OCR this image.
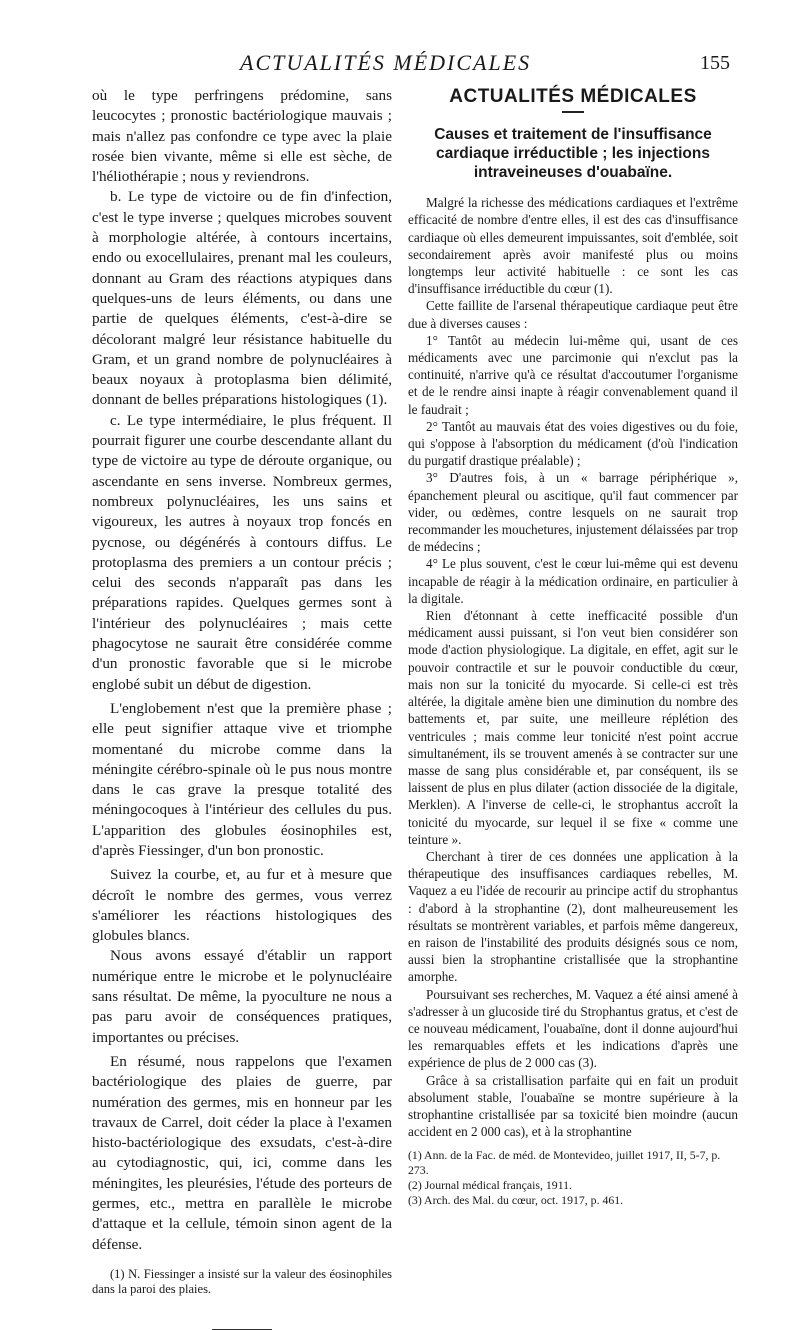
ACTUALITÉS MÉDICALES	155

où le type perfringens prédomine, sans leucocytes ; pronostic bactériologique mauvais ; mais n'allez pas confondre ce type avec la plaie rosée bien vivante, même si elle est sèche, de l'héliothérapie ; nous y reviendrons.

b. Le type de victoire ou de fin d'infection, c'est le type inverse ; quelques microbes souvent à morphologie altérée, à contours incertains, endo ou exocellulaires, prenant mal les couleurs, donnant au Gram des réactions atypiques dans quelques-uns de leurs éléments, ou dans une partie de quelques éléments, c'est-à-dire se décolorant malgré leur résistance habituelle du Gram, et un grand nombre de polynucléaires à beaux noyaux à protoplasma bien délimité, donnant de belles préparations histologiques (1).

c. Le type intermédiaire, le plus fréquent. Il pourrait figurer une courbe descendante allant du type de victoire au type de déroute organique, ou ascendante en sens inverse. Nombreux germes, nombreux polynucléaires, les uns sains et vigoureux, les autres à noyaux trop foncés en pycnose, ou dégénérés à contours diffus. Le protoplasma des premiers a un contour précis ; celui des seconds n'apparaît pas dans les préparations rapides. Quelques germes sont à l'intérieur des polynucléaires ; mais cette phagocytose ne saurait être considérée comme d'un pronostic favorable que si le microbe englobé subit un début de digestion.

L'englobement n'est que la première phase ; elle peut signifier attaque vive et triomphe momentané du microbe comme dans la méningite cérébro-spinale où le pus nous montre dans le cas grave la presque totalité des méningocoques à l'intérieur des cellules du pus. L'apparition des globules éosinophiles est, d'après Fiessinger, d'un bon pronostic.

Suivez la courbe, et, au fur et à mesure que décroît le nombre des germes, vous verrez s'améliorer les réactions histologiques des globules blancs.

Nous avons essayé d'établir un rapport numérique entre le microbe et le polynucléaire sans résultat. De même, la pyoculture ne nous a pas paru avoir de conséquences pratiques, importantes ou précises.

En résumé, nous rappelons que l'examen bactériologique des plaies de guerre, par numération des germes, mis en honneur par les travaux de Carrel, doit céder la place à l'examen histo-bactériologique des exsudats, c'est-à-dire au cytodiagnostic, qui, ici, comme dans les méningites, les pleurésies, l'étude des porteurs de germes, etc., mettra en parallèle le microbe d'attaque et la cellule, témoin sinon agent de la défense.

(1) N. Fiessinger a insisté sur la valeur des éosinophiles dans la paroi des plaies.

ACTUALITÉS MÉDICALES
Causes et traitement de l'insuffisance cardiaque irréductible ; les injections intraveineuses d'ouabaïne.

Malgré la richesse des médications cardiaques et l'extrême efficacité de nombre d'entre elles, il est des cas d'insuffisance cardiaque où elles demeurent impuissantes, soit d'emblée, soit secondairement après avoir manifesté plus ou moins longtemps leur activité habituelle : ce sont les cas d'insuffisance irréductible du cœur (1).

Cette faillite de l'arsenal thérapeutique cardiaque peut être due à diverses causes :

1° Tantôt au médecin lui-même qui, usant de ces médicaments avec une parcimonie qui n'exclut pas la continuité, n'arrive qu'à ce résultat d'accoutumer l'organisme et de le rendre ainsi inapte à réagir convenablement quand il le faudrait ;

2° Tantôt au mauvais état des voies digestives ou du foie, qui s'oppose à l'absorption du médicament (d'où l'indication du purgatif drastique préalable) ;

3° D'autres fois, à un « barrage périphérique », épanchement pleural ou ascitique, qu'il faut commencer par vider, ou œdèmes, contre lesquels on ne saurait trop recommander les mouchetures, injustement délaissées par trop de médecins ;

4° Le plus souvent, c'est le cœur lui-même qui est devenu incapable de réagir à la médication ordinaire, en particulier à la digitale.

Rien d'étonnant à cette inefficacité possible d'un médicament aussi puissant, si l'on veut bien considérer son mode d'action physiologique. La digitale, en effet, agit sur le pouvoir contractile et sur le pouvoir conductible du cœur, mais non sur la tonicité du myocarde. Si celle-ci est très altérée, la digitale amène bien une diminution du nombre des battements et, par suite, une meilleure réplétion des ventricules ; mais comme leur tonicité n'est point accrue simultanément, ils se trouvent amenés à se contracter sur une masse de sang plus considérable et, par conséquent, ils se laissent de plus en plus dilater (action dissociée de la digitale, Merklen). A l'inverse de celle-ci, le strophantus accroît la tonicité du myocarde, sur lequel il se fixe « comme une teinture ».

Cherchant à tirer de ces données une application à la thérapeutique des insuffisances cardiaques rebelles, M. Vaquez a eu l'idée de recourir au principe actif du strophantus : d'abord à la strophantine (2), dont malheureusement les résultats se montrèrent variables, et parfois même dangereux, en raison de l'instabilité des produits désignés sous ce nom, aussi bien la strophantine cristallisée que la strophantine amorphe.

Poursuivant ses recherches, M. Vaquez a été ainsi amené à s'adresser à un glucoside tiré du Strophantus gratus, et c'est de ce nouveau médicament, l'ouabaïne, dont il donne aujourd'hui les remarquables effets et les indications d'après une expérience de plus de 2 000 cas (3).

Grâce à sa cristallisation parfaite qui en fait un produit absolument stable, l'ouabaïne se montre supérieure à la strophantine cristallisée par sa toxicité bien moindre (aucun accident en 2 000 cas), et à la strophantine

(1) Ann. de la Fac. de méd. de Montevideo, juillet 1917, II, 5-7, p. 273.

(2) Journal médical français, 1911.

(3) Arch. des Mal. du cœur, oct. 1917, p. 461.
